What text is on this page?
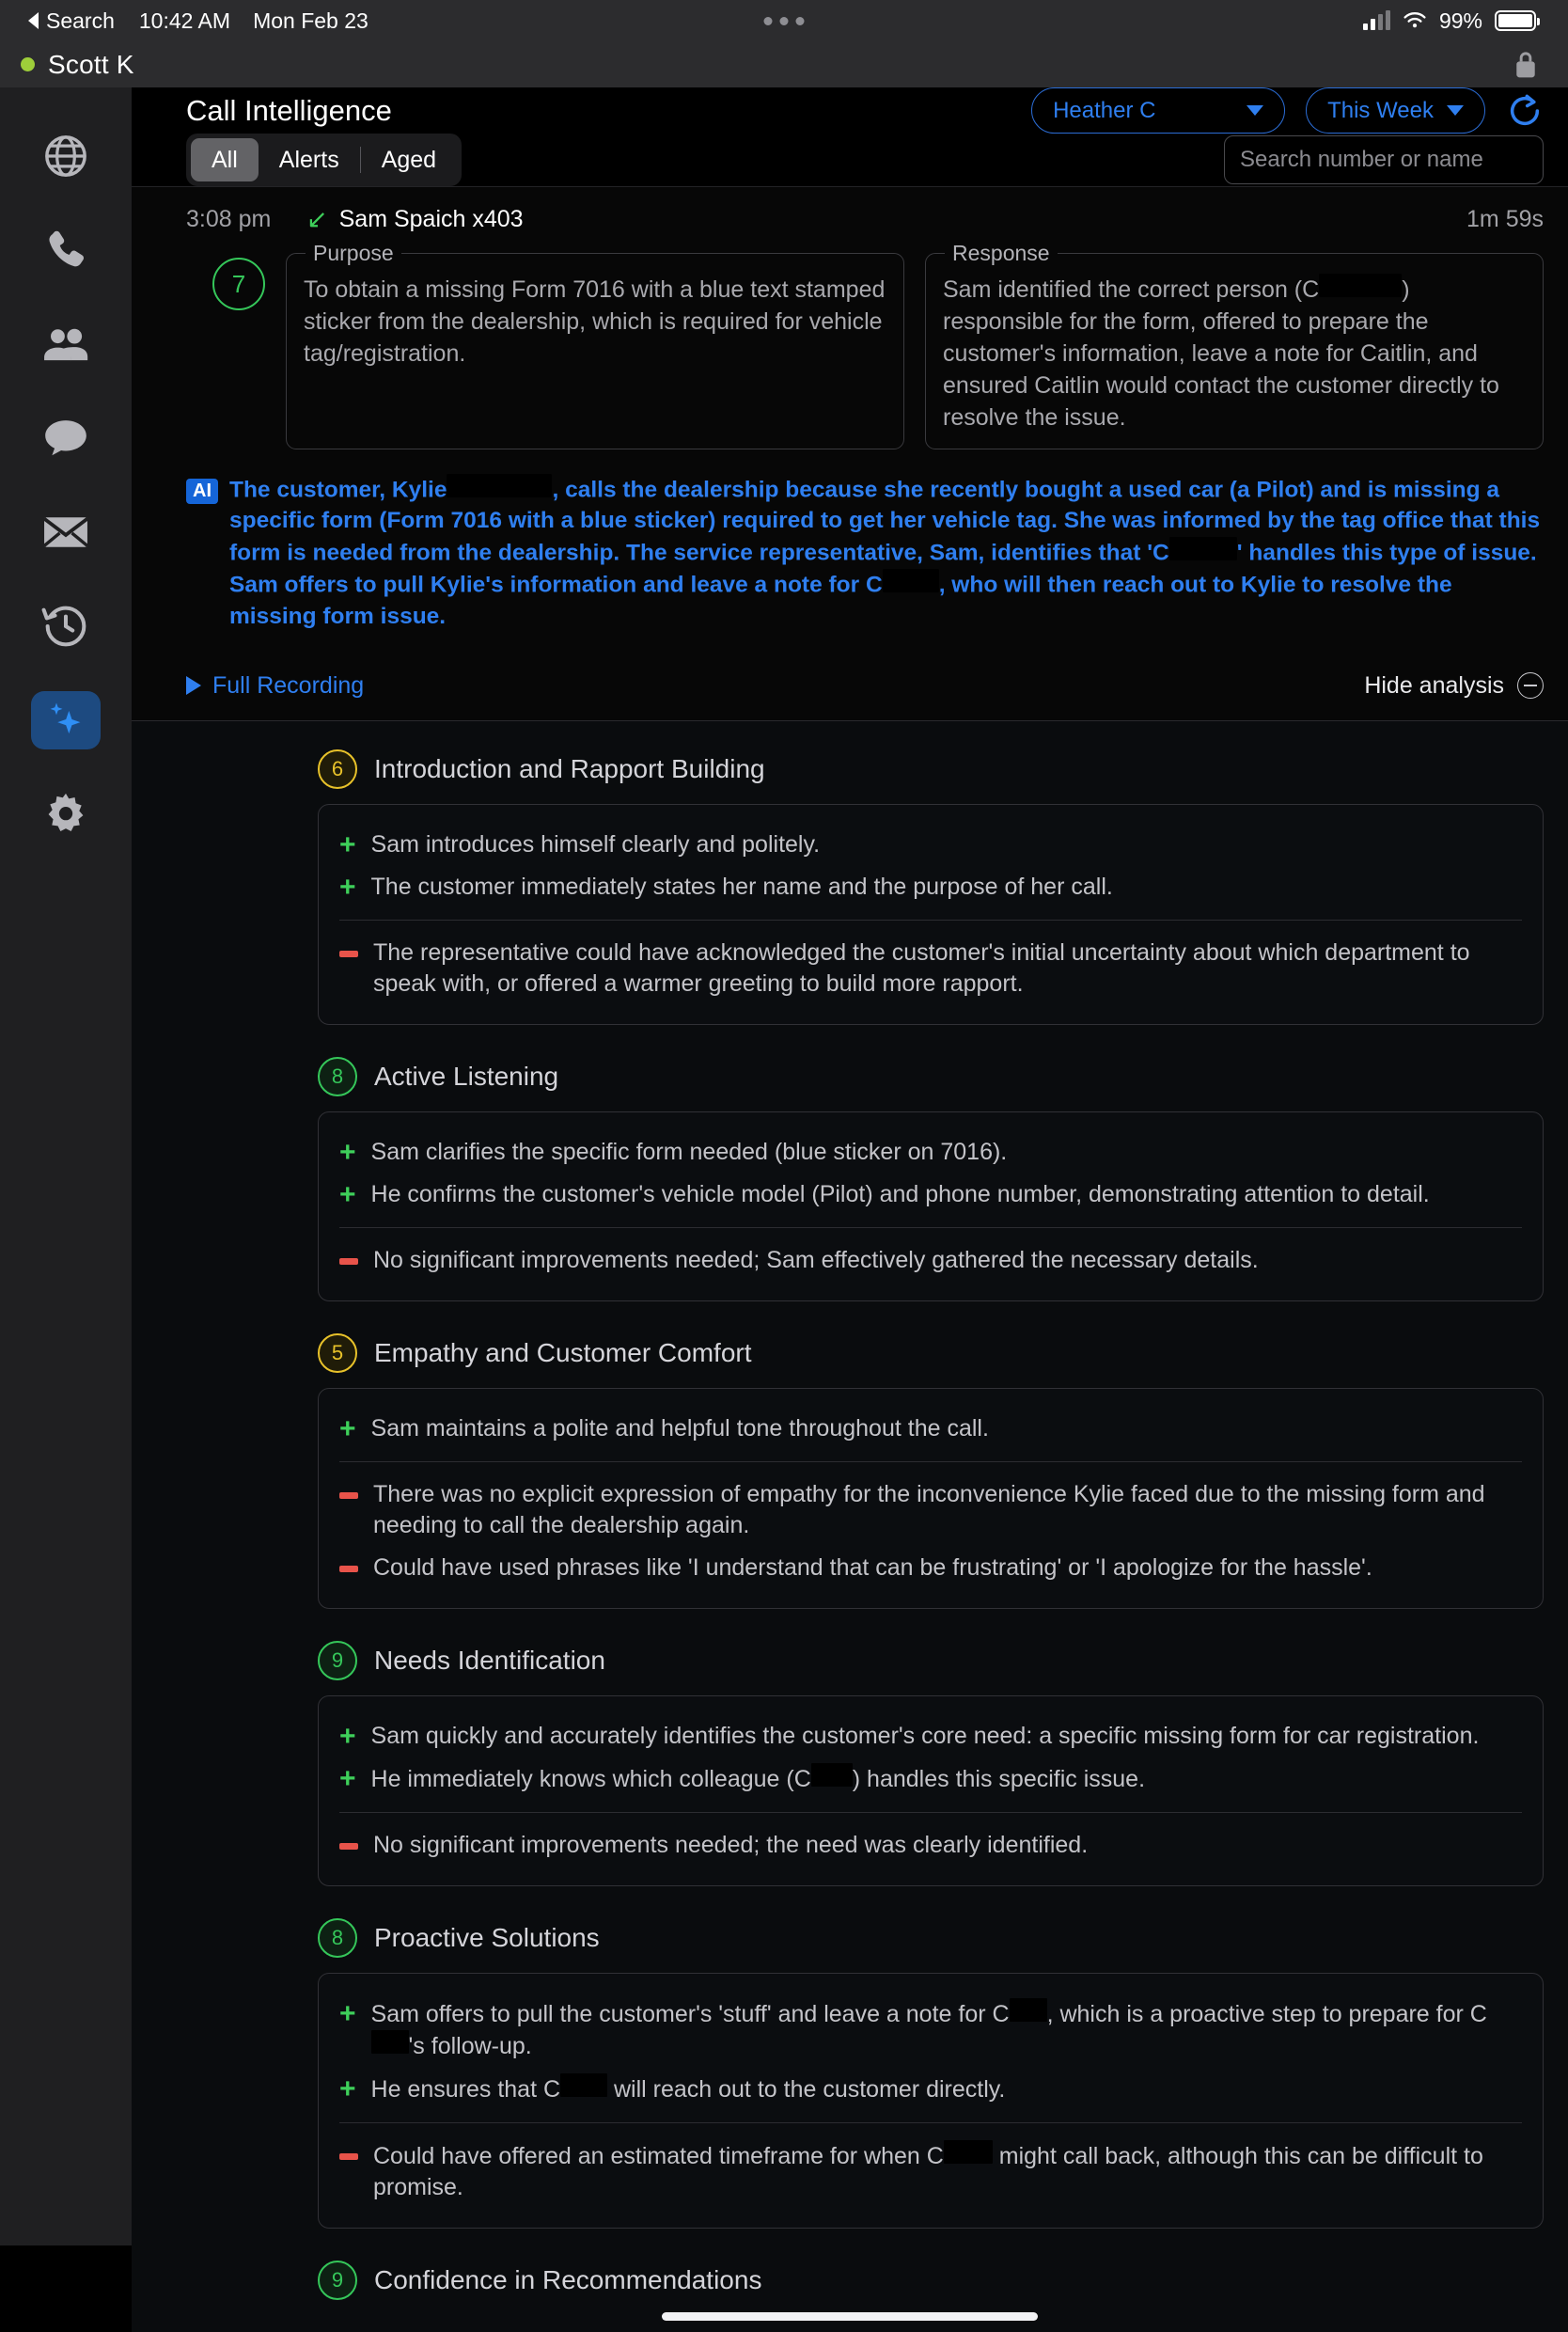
Search 10:42 AM Mon Feb 23	99%
Scott K
Call Intelligence	Heather C	This Week
All	Alerts	Aged	Search number or name
3:08 pm	↙ Sam Spaich x403	1m 59s
7
Purpose

To obtain a missing Form 7016 with a blue text stamped sticker from the dealership, which is required for vehicle tag/registration.

Response

Sam identified the correct person (C	) responsible for the form, offered to prepare the customer's information, leave a note for Caitlin, and ensured Caitlin would contact the customer directly to resolve the issue.

AI The customer, Kylie	, calls the dealership because she recently bought a used car (a Pilot) and is missing a specific form (Form 7016 with a blue sticker) required to get her vehicle tag. She was informed by the tag office that this form is needed from the dealership. The service representative, Sam, identifies that 'C	' handles this type of issue. Sam offers to pull Kylie's information and leave a note for C , who will then reach out to Kylie to resolve the missing form issue.
Full Recording	Hide analysis
6	Introduction and Rapport Building
+ Sam introduces himself clearly and politely.
+ The customer immediately states her name and the purpose of her call.
The representative could have acknowledged the customer's initial uncertainty about which department to speak with, or offered a warmer greeting to build more rapport.
8	Active Listening
+ Sam clarifies the specific form needed (blue sticker on 7016).
+ He confirms the customer's vehicle model (Pilot) and phone number, demonstrating attention to detail.
No significant improvements needed; Sam effectively gathered the necessary details.
5	Empathy and Customer Comfort
+ Sam maintains a polite and helpful tone throughout the call.
There was no explicit expression of empathy for the inconvenience Kylie faced due to the missing form and needing to call the dealership again.
Could have used phrases like 'I understand that can be frustrating' or 'I apologize for the hassle'.
9	Needs Identification
+ Sam quickly and accurately identifies the customer's core need: a specific missing form for car registration.
+ He immediately knows which colleague (C ) handles this specific issue.
No significant improvements needed; the need was clearly identified.
8	Proactive Solutions
+ Sam offers to pull the customer's 'stuff' and leave a note for C , which is a proactive step to prepare for C's follow-up.
+ He ensures that C will reach out to the customer directly.
Could have offered an estimated timeframe for when C might call back, although this can be difficult to promise.
9	Confidence in Recommendations
